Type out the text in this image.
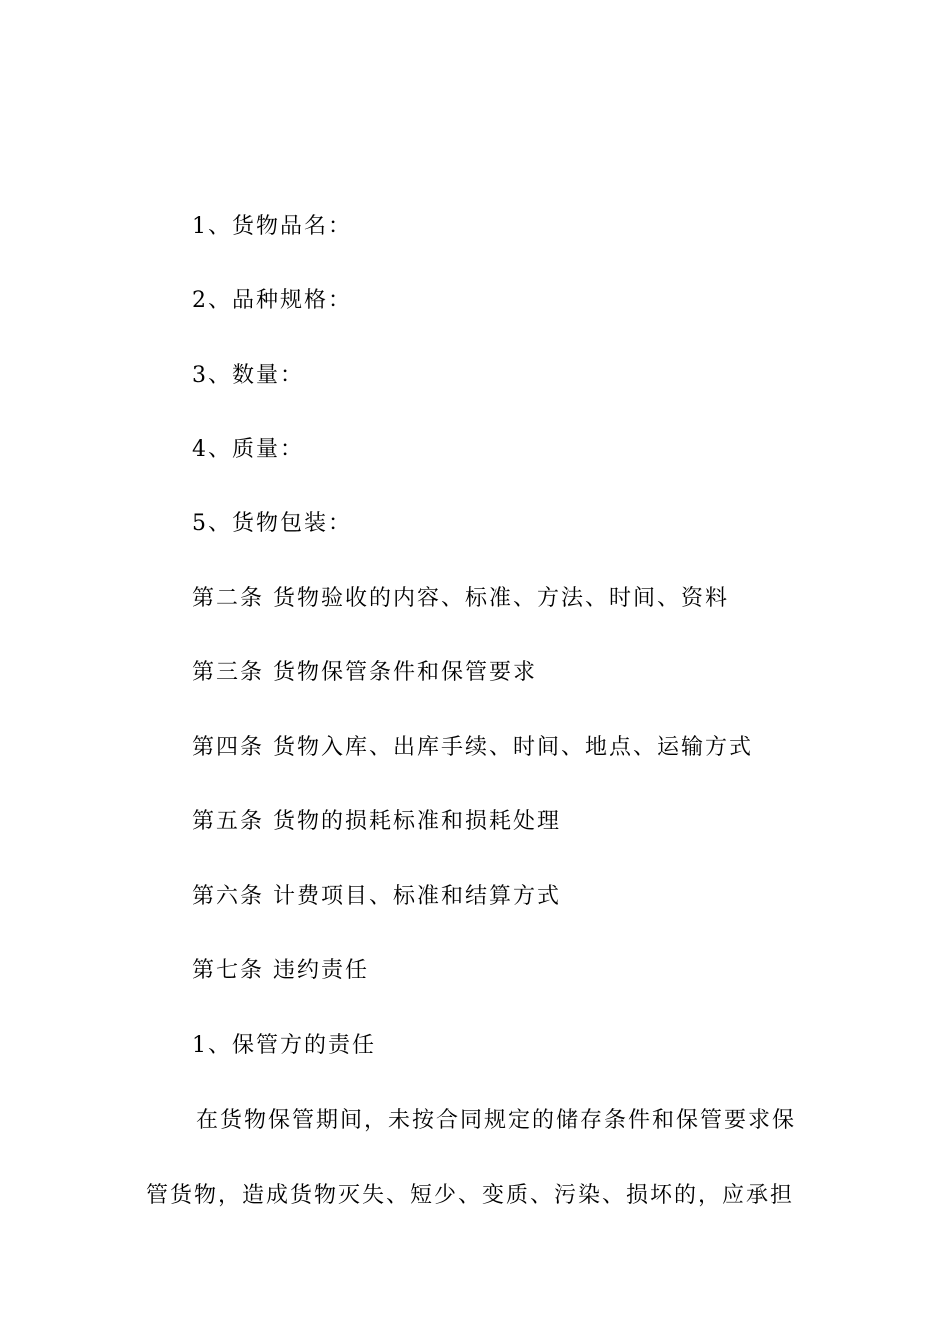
1、货物品名：
2、品种规格：
3、数量：
4、质量：
5、货物包装：
第二条 货物验收的内容、标准、方法、时间、资料
第三条 货物保管条件和保管要求
第四条 货物入库、出库手续、时间、地点、运输方式
第五条 货物的损耗标准和损耗处理
第六条 计费项目、标准和结算方式
第七条 违约责任
1、保管方的责任
在货物保管期间，未按合同规定的储存条件和保管要求保
管货物，造成货物灭失、短少、变质、污染、损坏的，应承担
